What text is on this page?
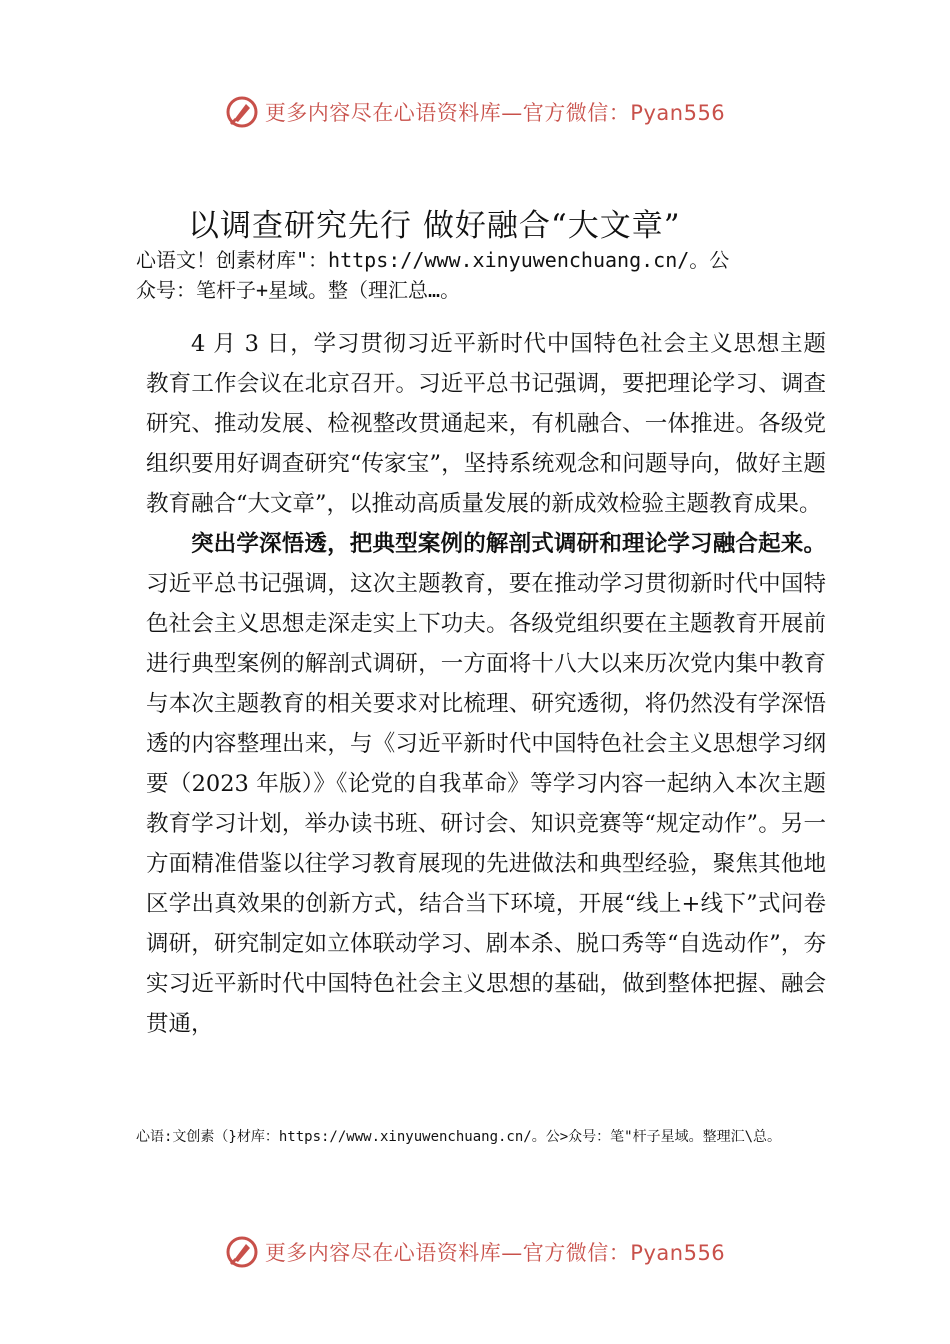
更多内容尽在心语资料库—官方微信：Pyan556
以调查研究先行 做好融合“大文章”
心语文！创素材库"：https://www.xinyuwenchuang.cn/。公
众号：笔杆子+星域。整（理汇总…。

4 月 3 日，学习贯彻习近平新时代中国特色社会主义思想主题教育工作会议在北京召开。习近平总书记强调，要把理论学习、调查研究、推动发展、检视整改贯通起来，有机融合、一体推进。各级党组织要用好调查研究“传家宝”，坚持系统观念和问题导向，做好主题教育融合“大文章”，以推动高质量发展的新成效检验主题教育成果。

突出学深悟透，把典型案例的解剖式调研和理论学习融合起来。习近平总书记强调，这次主题教育，要在推动学习贯彻新时代中国特色社会主义思想走深走实上下功夫。各级党组织要在主题教育开展前进行典型案例的解剖式调研，一方面将十八大以来历次党内集中教育与本次主题教育的相关要求对比梳理、研究透彻，将仍然没有学深悟透的内容整理出来，与《习近平新时代中国特色社会主义思想学习纲要（2023 年版）》《论党的自我革命》等学习内容一起纳入本次主题教育学习计划，举办读书班、研讨会、知识竞赛等“规定动作”。另一方面精准借鉴以往学习教育展现的先进做法和典型经验，聚焦其他地区学出真效果的创新方式，结合当下环境，开展“线上+线下”式问卷调研，研究制定如立体联动学习、剧本杀、脱口秀等“自选动作”，夯实习近平新时代中国特色社会主义思想的基础，做到整体把握、融会贯通，

心语:文创素（}材库：https://www.xinyuwenchuang.cn/。公>众号：笔"杆子星域。整理汇\总。
更多内容尽在心语资料库—官方微信：Pyan556
